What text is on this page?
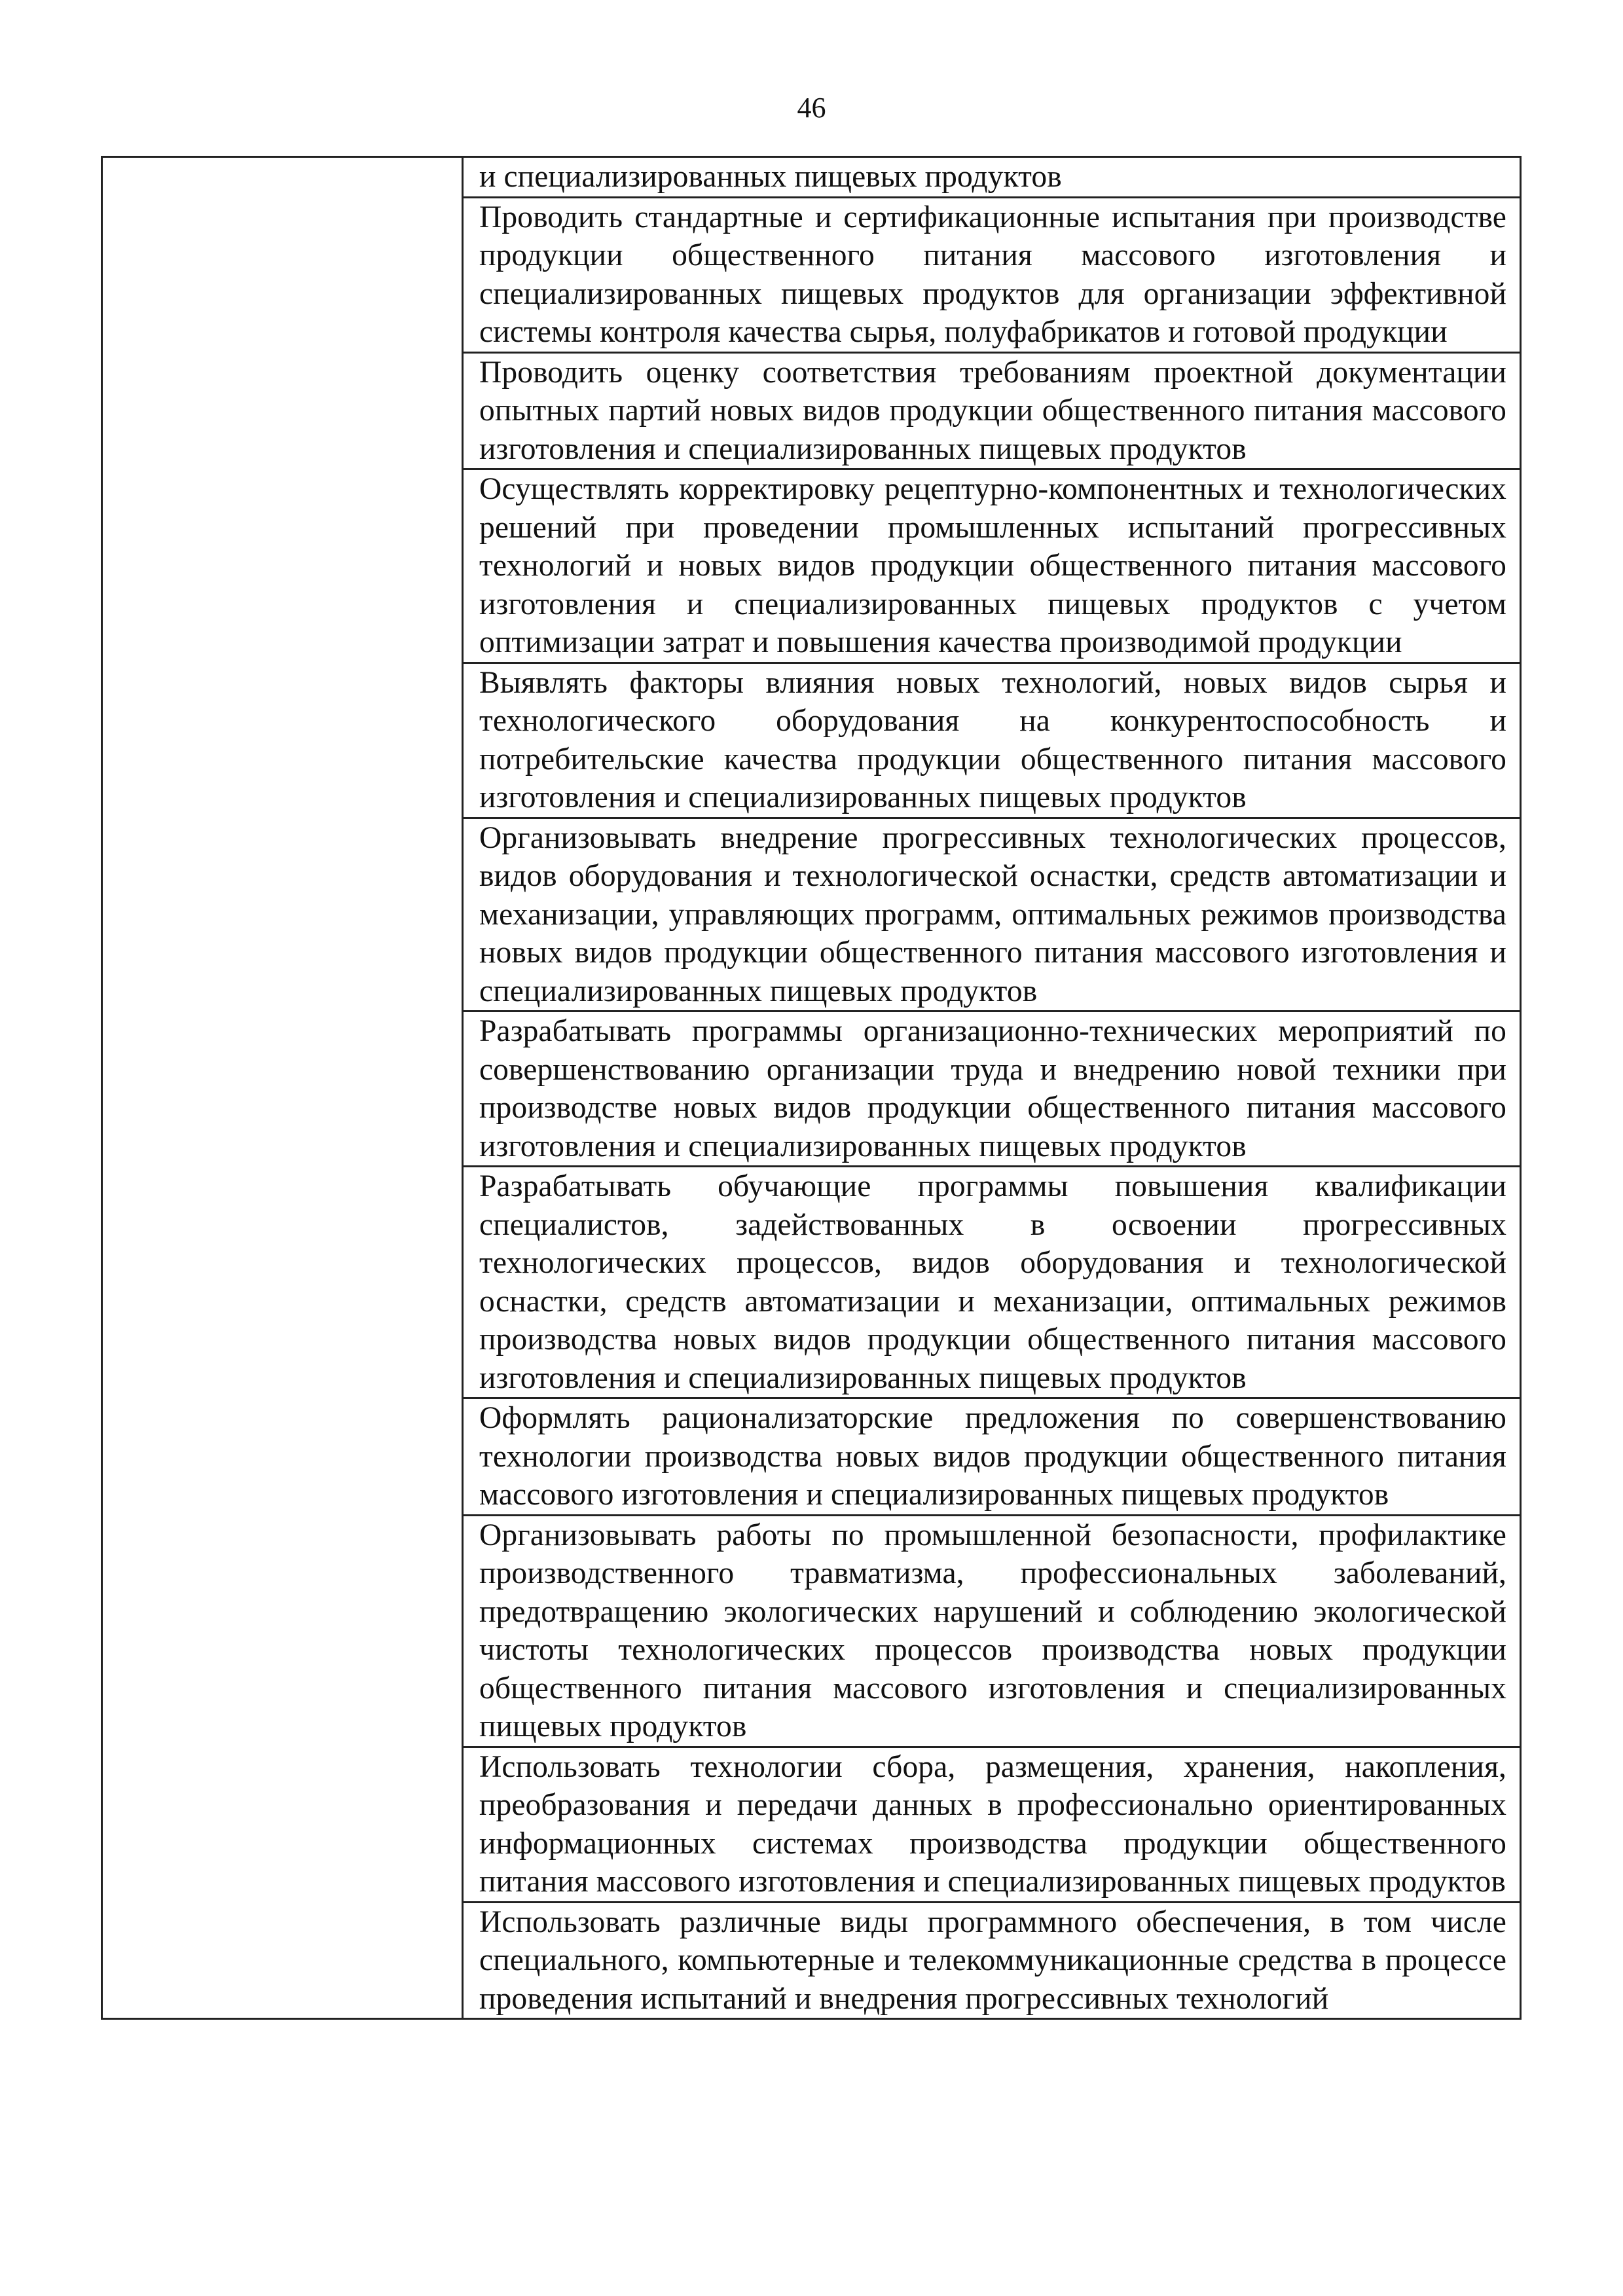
46

и специализированных пищевых продуктов

Проводить стандартные и сертификационные испытания при производстве продукции общественного питания массового изготовления и специализированных пищевых продуктов для организации эффективной системы контроля качества сырья, полуфабрикатов и готовой продукции

Проводить оценку соответствия требованиям проектной документации опытных партий новых видов продукции общественного питания массового изготовления и специализированных пищевых продуктов

Осуществлять корректировку рецептурно-компонентных и технологических решений при проведении промышленных испытаний прогрессивных технологий и новых видов продукции общественного питания массового изготовления и специализированных пищевых продуктов с учетом оптимизации затрат и повышения качества производимой продукции

Выявлять факторы влияния новых технологий, новых видов сырья и технологического оборудования на конкурентоспособность и потребительские качества продукции общественного питания массового изготовления и специализированных пищевых продуктов

Организовывать внедрение прогрессивных технологических процессов, видов оборудования и технологической оснастки, средств автоматизации и механизации, управляющих программ, оптимальных режимов производства новых видов продукции общественного питания массового изготовления и специализированных пищевых продуктов

Разрабатывать программы организационно-технических мероприятий по совершенствованию организации труда и внедрению новой техники при производстве новых видов продукции общественного питания массового изготовления и специализированных пищевых продуктов

Разрабатывать обучающие программы повышения квалификации специалистов, задействованных в освоении прогрессивных технологических процессов, видов оборудования и технологической оснастки, средств автоматизации и механизации, оптимальных режимов производства новых видов продукции общественного питания массового изготовления и специализированных пищевых продуктов

Оформлять рационализаторские предложения по совершенствованию технологии производства новых видов продукции общественного питания массового изготовления и специализированных пищевых продуктов

Организовывать работы по промышленной безопасности, профилактике производственного травматизма, профессиональных заболеваний, предотвращению экологических нарушений и соблюдению экологической чистоты технологических процессов производства новых продукции общественного питания массового изготовления и специализированных пищевых продуктов

Использовать технологии сбора, размещения, хранения, накопления, преобразования и передачи данных в профессионально ориентированных информационных системах производства продукции общественного питания массового изготовления и специализированных пищевых продуктов

Использовать различные виды программного обеспечения, в том числе специального, компьютерные и телекоммуникационные средства в процессе проведения испытаний и внедрения прогрессивных технологий
